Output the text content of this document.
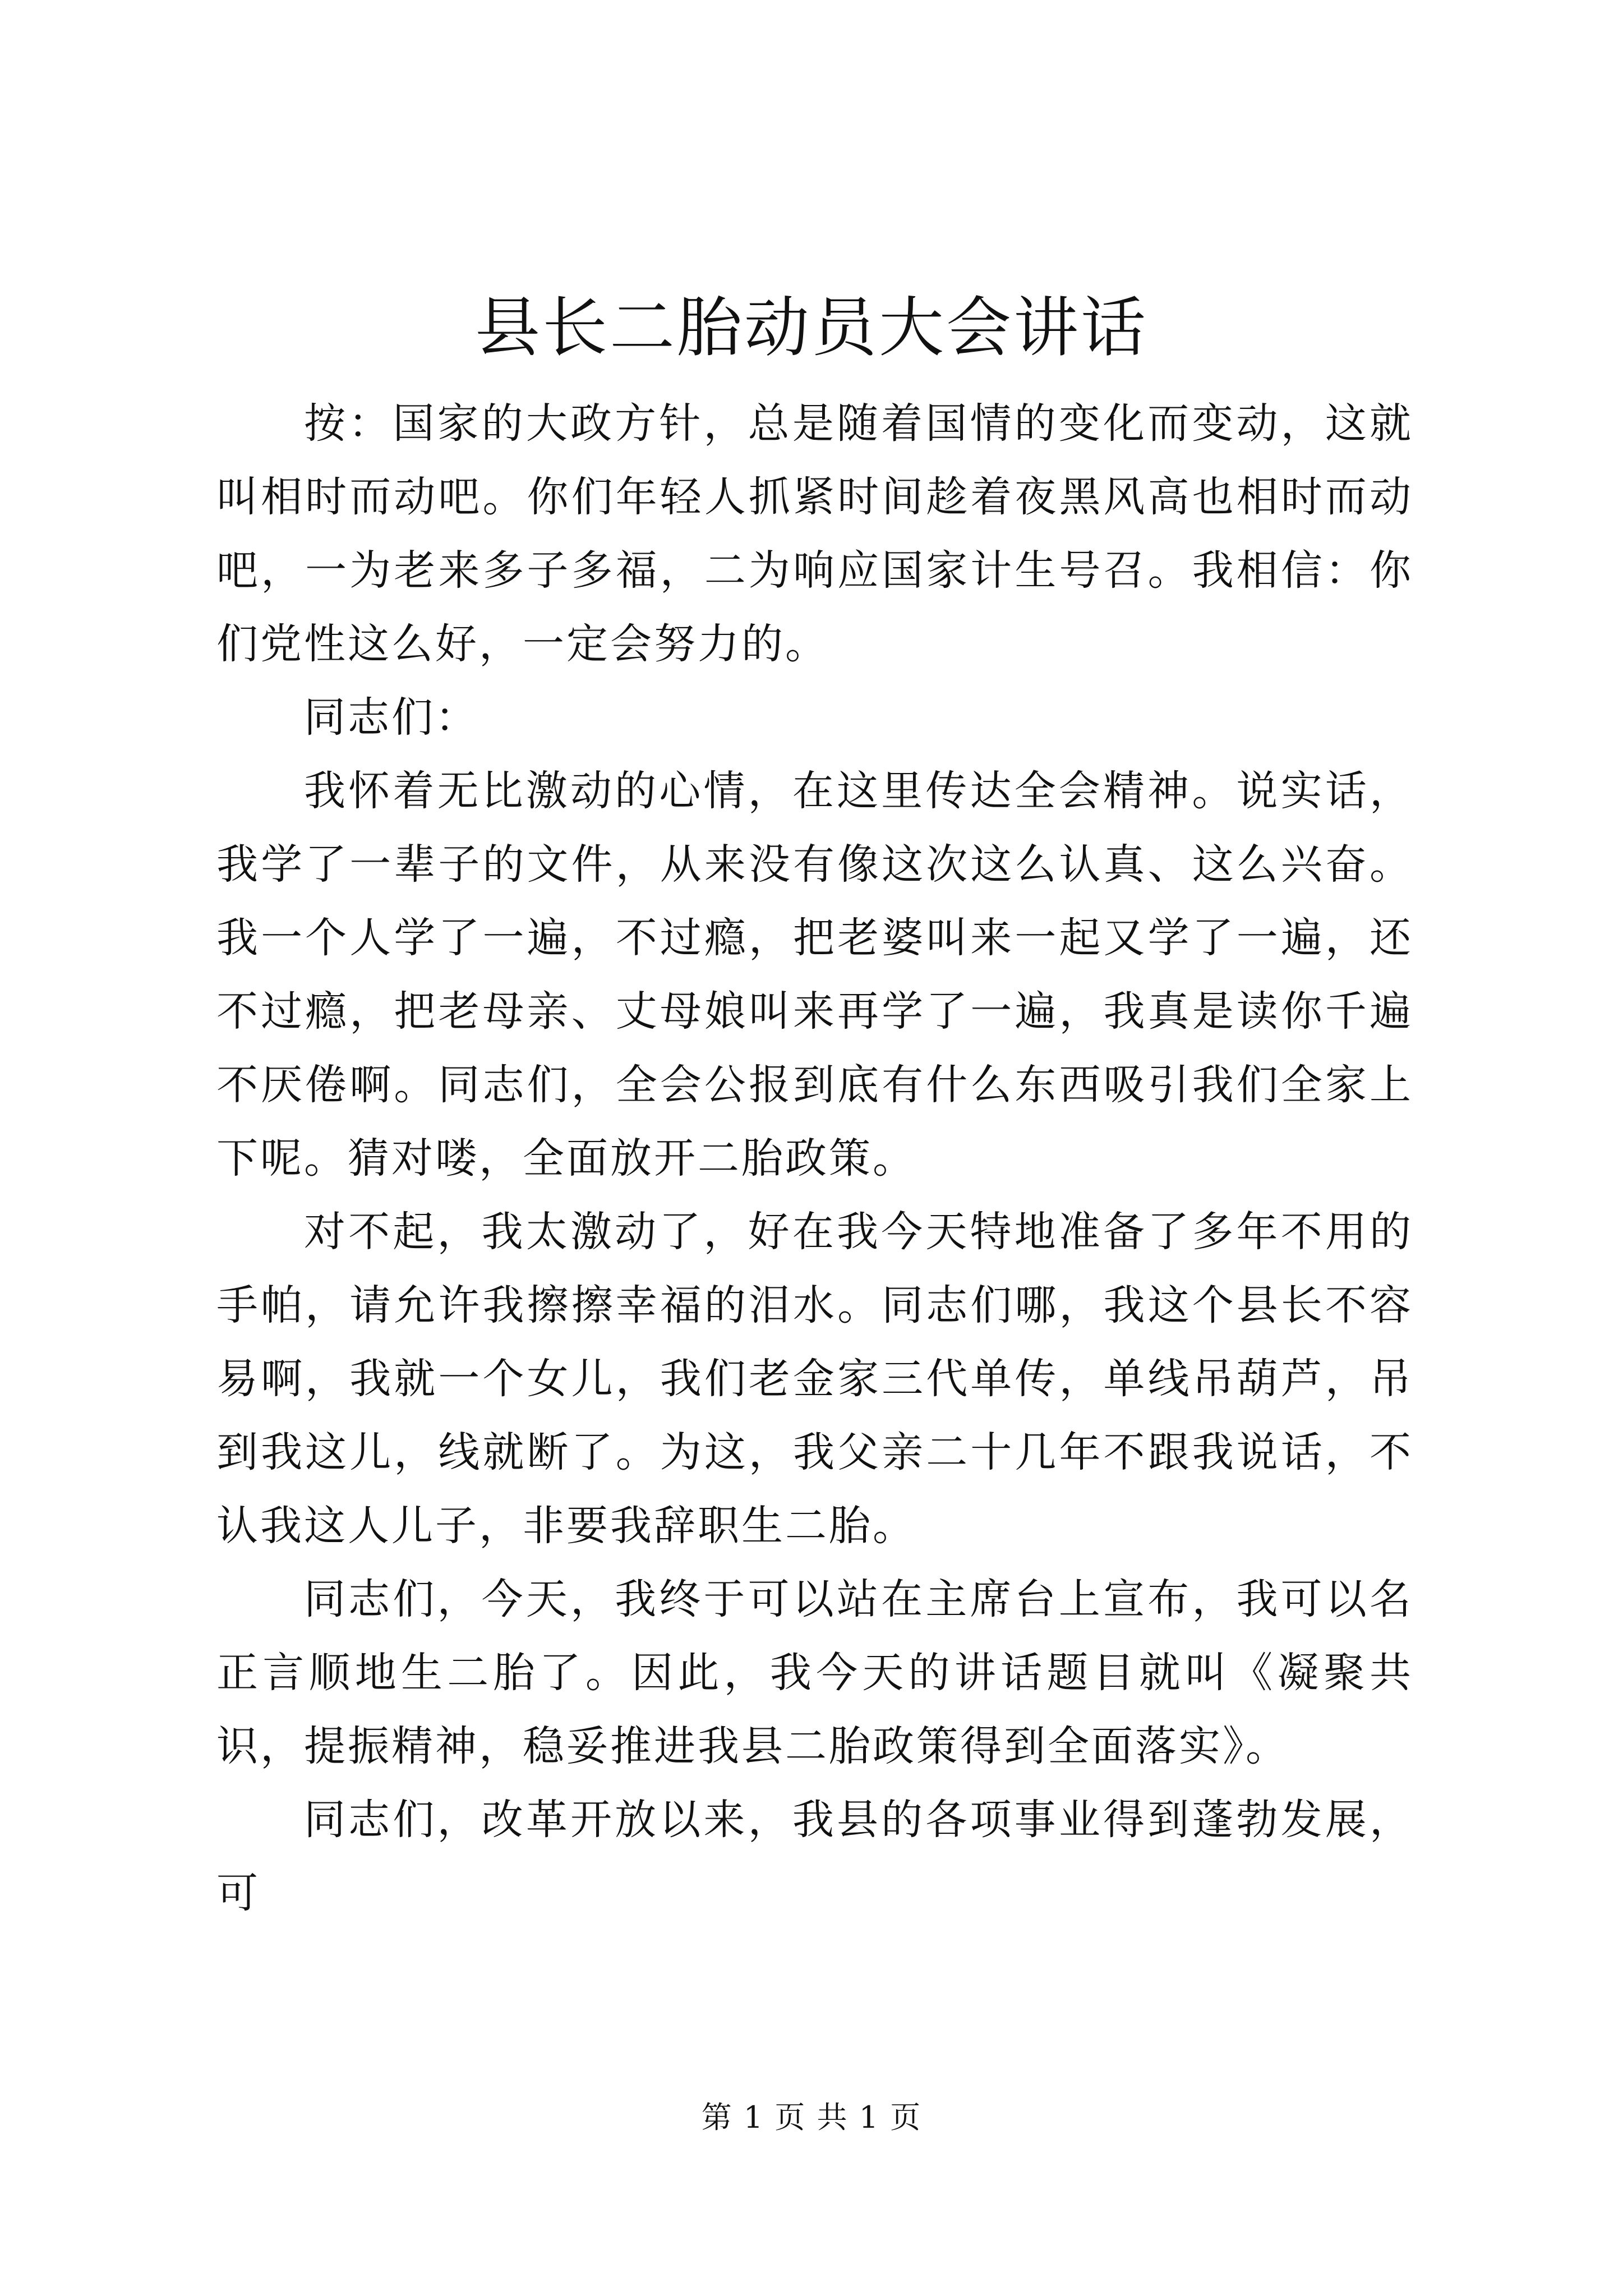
县长二胎动员大会讲话

按：国家的大政方针，总是随着国情的变化而变动，这就叫相时而动吧。你们年轻人抓紧时间趁着夜黑风高也相时而动吧，一为老来多子多福，二为响应国家计生号召。我相信：你们党性这么好，一定会努力的。

同志们：

我怀着无比激动的心情，在这里传达全会精神。说实话，我学了一辈子的文件，从来没有像这次这么认真、这么兴奋。我一个人学了一遍，不过瘾，把老婆叫来一起又学了一遍，还不过瘾，把老母亲、丈母娘叫来再学了一遍，我真是读你千遍不厌倦啊。同志们，全会公报到底有什么东西吸引我们全家上下呢。猜对喽，全面放开二胎政策。

对不起，我太激动了，好在我今天特地准备了多年不用的手帕，请允许我擦擦幸福的泪水。同志们哪，我这个县长不容易啊，我就一个女儿，我们老金家三代单传，单线吊葫芦，吊到我这儿，线就断了。为这，我父亲二十几年不跟我说话，不认我这人儿子，非要我辞职生二胎。

同志们，今天，我终于可以站在主席台上宣布，我可以名正言顺地生二胎了。因此，我今天的讲话题目就叫《凝聚共识，提振精神，稳妥推进我县二胎政策得到全面落实》。

同志们，改革开放以来，我县的各项事业得到蓬勃发展，可

第 1 页 共 1 页
